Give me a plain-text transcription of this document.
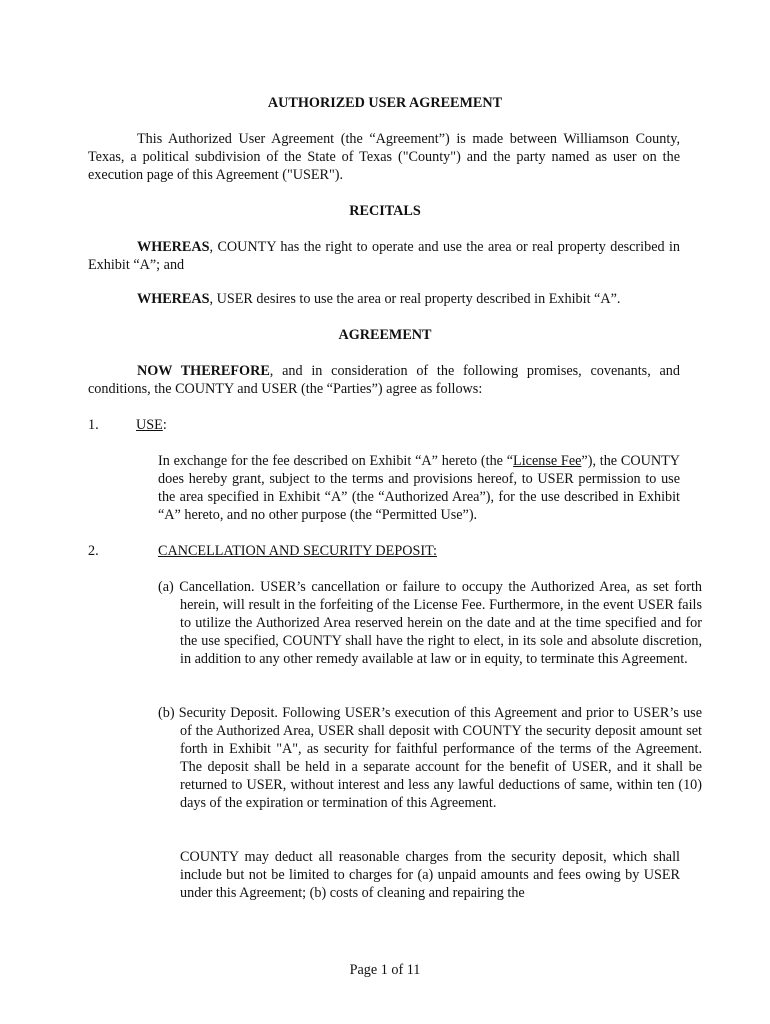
AUTHORIZED USER AGREEMENT
This Authorized User Agreement (the “Agreement”) is made between Williamson County, Texas, a political subdivision of the State of Texas ("County") and the party named as user on the execution page of this Agreement ("USER").
RECITALS
WHEREAS, COUNTY has the right to operate and use the area or real property described in Exhibit “A”; and
WHEREAS, USER desires to use the area or real property described in Exhibit “A”.
AGREEMENT
NOW THEREFORE, and in consideration of the following promises, covenants, and conditions, the COUNTY and USER (the “Parties”) agree as follows:
1.	USE:
In exchange for the fee described on Exhibit “A” hereto (the “License Fee”), the COUNTY does hereby grant, subject to the terms and provisions hereof, to USER permission to use the area specified in Exhibit “A” (the “Authorized Area”), for the use described in Exhibit “A” hereto, and no other purpose (the “Permitted Use”).
2.	CANCELLATION AND SECURITY DEPOSIT:
(a) Cancellation. USER’s cancellation or failure to occupy the Authorized Area, as set forth herein, will result in the forfeiting of the License Fee. Furthermore, in the event USER fails to utilize the Authorized Area reserved herein on the date and at the time specified and for the use specified, COUNTY shall have the right to elect, in its sole and absolute discretion, in addition to any other remedy available at law or in equity, to terminate this Agreement.
(b) Security Deposit. Following USER’s execution of this Agreement and prior to USER’s use of the Authorized Area, USER shall deposit with COUNTY the security deposit amount set forth in Exhibit "A", as security for faithful performance of the terms of the Agreement. The deposit shall be held in a separate account for the benefit of USER, and it shall be returned to USER, without interest and less any lawful deductions of same, within ten (10) days of the expiration or termination of this Agreement.
COUNTY may deduct all reasonable charges from the security deposit, which shall include but not be limited to charges for (a) unpaid amounts and fees owing by USER under this Agreement; (b) costs of cleaning and repairing the
Page 1 of 11
